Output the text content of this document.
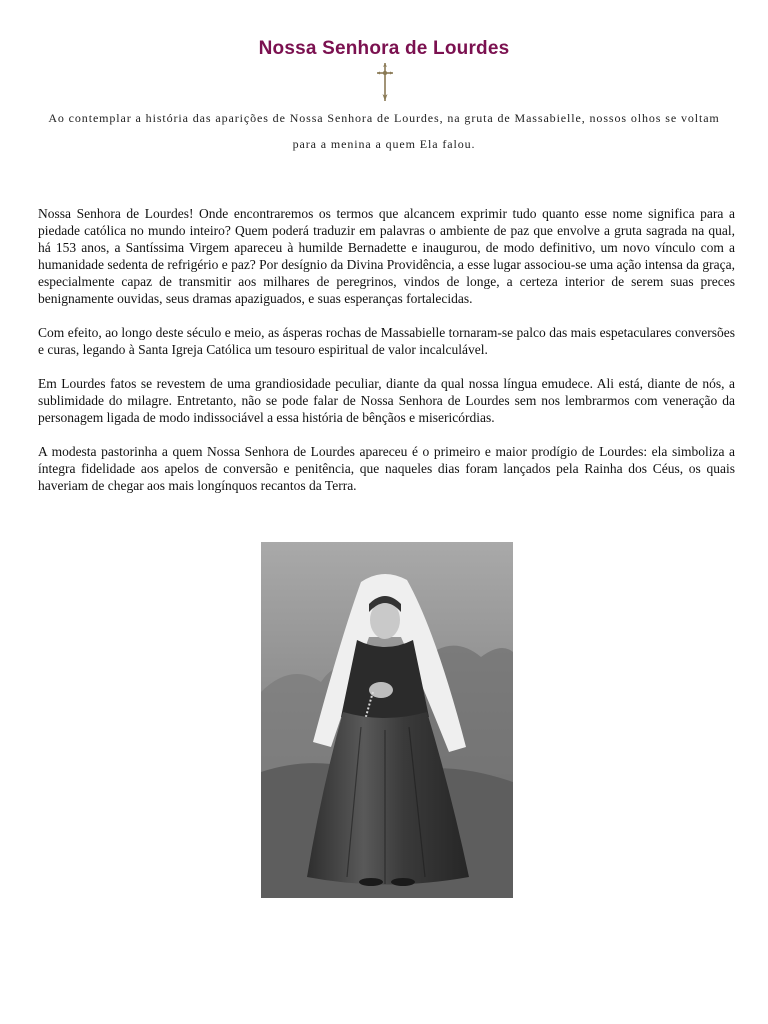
Nossa Senhora de Lourdes

Ao contemplar a história das aparições de Nossa Senhora de Lourdes, na gruta de Massabielle, nossos olhos se voltam para a menina a quem Ela falou.

Nossa Senhora de Lourdes! Onde encontraremos os termos que alcancem exprimir tudo quanto esse nome significa para a piedade católica no mundo inteiro? Quem poderá traduzir em palavras o ambiente de paz que envolve a gruta sagrada na qual, há 153 anos, a Santíssima Virgem apareceu à humilde Bernadette e inaugurou, de modo definitivo, um novo vínculo com a humanidade sedenta de refrigério e paz? Por desígnio da Divina Providência, a esse lugar associou-se uma ação intensa da graça, especialmente capaz de transmitir aos milhares de peregrinos, vindos de longe, a certeza interior de serem suas preces benignamente ouvidas, seus dramas apaziguados, e suas esperanças fortalecidas.

Com efeito, ao longo deste século e meio, as ásperas rochas de Massabielle tornaram-se palco das mais espetaculares conversões e curas, legando à Santa Igreja Católica um tesouro espiritual de valor incalculável.

Em Lourdes fatos se revestem de uma grandiosidade peculiar, diante da qual nossa língua emudece. Ali está, diante de nós, a sublimidade do milagre. Entretanto, não se pode falar de Nossa Senhora de Lourdes sem nos lembrarmos com veneração da personagem ligada de modo indissociável a essa história de bênçãos e misericórdias.

A modesta pastorinha a quem Nossa Senhora de Lourdes apareceu é o primeiro e maior prodígio de Lourdes: ela simboliza a íntegra fidelidade aos apelos de conversão e penitência, que naqueles dias foram lançados pela Rainha dos Céus, os quais haveriam de chegar aos mais longínquos recantos da Terra.
